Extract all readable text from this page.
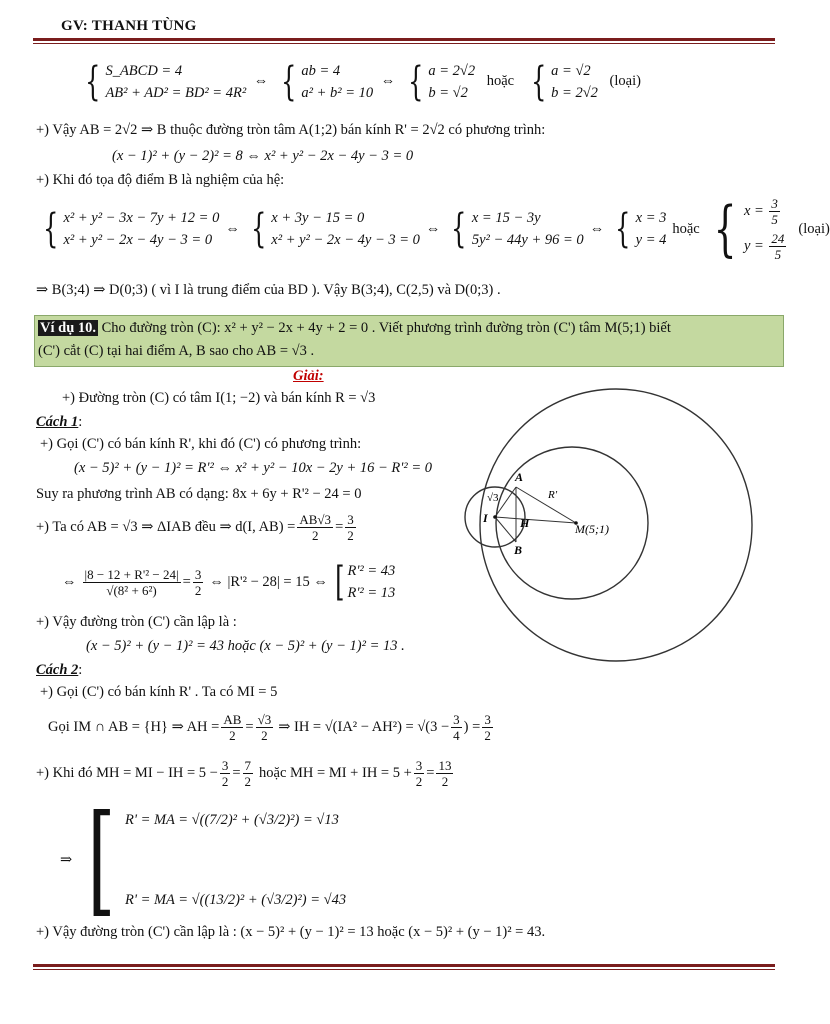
GV: THANH TÙNG
{ S_ABCD = 4
AB² + AD² = BD² = 4R²
⇔ { ab = 4
a² + b² = 10
⇔ { a = 2√2
b = √2
hoặc { a = √2
b = 2√2
(loại)
+) Vậy AB = 2√2 ⇒ B thuộc đường tròn tâm A(1;2) bán kính R' = 2√2 có phương trình:
(x − 1)² + (y − 2)² = 8 ⇔ x² + y² − 2x − 4y − 3 = 0
+) Khi đó tọa độ điểm B là nghiệm của hệ:
{ x² + y² − 3x − 7y + 12 = 0
x² + y² − 2x − 4y − 3 = 0
⇔ { x + 3y − 15 = 0
x² + y² − 2x − 4y − 3 = 0
⇔ { x = 15 − 3y
5y² − 44y + 96 = 0
⇔ { x = 3
y = 4
hoặc { $x = \frac{3}{5}$
$y = \frac{24}{5}$
(loại)
⇒ B(3;4) ⇒ D(0;3) ( vì I là trung điểm của BD ). Vậy B(3;4), C(2,5) và D(0;3) .
Ví dụ 10. Cho đường tròn (C): x² + y² − 2x + 4y + 2 = 0 . Viết phương trình đường tròn (C') tâm M(5;1) biết
(C') cắt (C) tại hai điểm A, B sao cho AB = √3 .
Giải:
+) Đường tròn (C) có tâm I(1; −2) và bán kính R = √3
Cách 1:
+) Gọi (C') có bán kính R', khi đó (C') có phương trình:
(x − 5)² + (y − 1)² = R'² ⇔ x² + y² − 10x − 2y + 16 − R'² = 0
Suy ra phương trình AB có dạng: 8x + 6y + R'² − 24 = 0
+) Ta có AB = √3 ⇒ ΔIAB đều ⇒ d(I, $AB) = \frac{AB√3}{2} = \frac{3}{2}$
⇔ $\frac{\text{|8 − 12 + R'² − 24|}}{\text{√(8² + 6²)}} = \frac{3}{2}$ ⇔ |R'² − 28| = 15 ⇔ [ R'² = 43
R'² = 13
+) Vậy đường tròn (C') cần lập là :
(x − 5)² + (y − 1)² = 43 hoặc (x − 5)² + (y − 1)² = 13 .
Cách 2:
+) Gọi (C') có bán kính R' . Ta có MI = 5
Gọi IM ∩ AB = {H} ⇒ AH = $\frac{AB}{2} = \frac{√3}{2}$ ⇒ IH = $√(IA^2 - AH^2) = √(3 - \frac{3}{4}$ ) = $\frac{3}{2}$
+) Khi đó MH = MI − IH = $5 - \frac{3}{2} = \frac{7}{2}$ hoặc MH = MI + IH = $5 + \frac{3}{2} = \frac{13}{2}$
⇒ [ R' = MA = √((7/2)² + (√3/2)²) = √13
R' = MA = √((13/2)² + (√3/2)²) = √43
+) Vậy đường tròn (C') cần lập là : (x − 5)² + (y − 1)² = 13 hoặc (x − 5)² + (y − 1)² = 43.
A
B
I	H	M(5;1)
R'
√3
